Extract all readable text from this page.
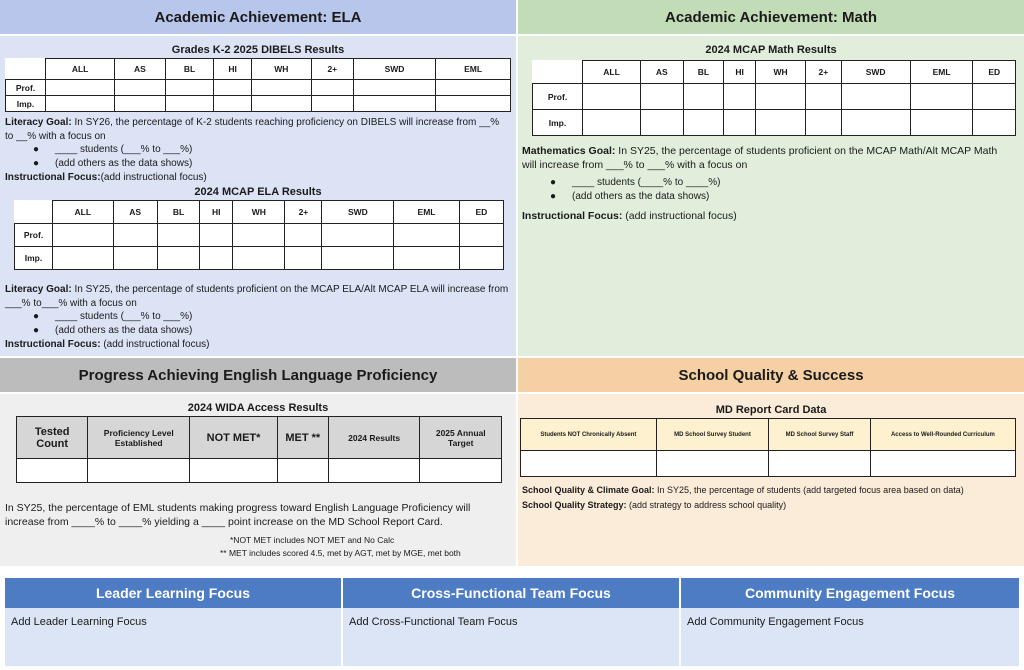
Academic Achievement: ELA
Grades K-2 2025 DIBELS Results
	ALL	AS	BL	HI	WH	2+	SWD	EML
Prof.								
Imp.								
Literacy Goal: In SY26, the percentage of K-2 students reaching proficiency on DIBELS will increase from __% to __% with a focus on
●	____ students (___% to ___%)
●	(add others as the data shows)
Instructional Focus:(add instructional focus)
2024 MCAP ELA Results
	ALL	AS	BL	HI	WH	2+	SWD	EML	ED
Prof.									
Imp.									
Literacy Goal: In SY25, the percentage of students proficient on the MCAP ELA/Alt MCAP ELA will increase from ___% to___% with a focus on
●	____ students (___% to ___%)
●	(add others as the data shows)
Instructional Focus: (add instructional focus)
Academic Achievement: Math
2024 MCAP Math Results
	ALL	AS	BL	HI	WH	2+	SWD	EML	ED
Prof.									
Imp.									
Mathematics Goal: In SY25, the percentage of students proficient on the MCAP Math/Alt MCAP Math will increase from ___% to ___% with a focus on
●	____ students (____% to ____%)
●	(add others as the data shows)
Instructional Focus: (add instructional focus)
Progress Achieving English Language Proficiency
2024 WIDA Access Results
Tested Count	Proficiency Level Established	NOT MET*	MET **	2024 Results	2025 Annual Target

In SY25, the percentage of EML students making progress toward English Language Proficiency will increase from ____% to ____% yielding a ____ point increase on the MD School Report Card.
*NOT MET includes NOT MET and No Calc
** MET includes scored 4.5, met by AGT, met by MGE, met both
School Quality & Success
MD Report Card Data
Students NOT Chronically Absent	MD School Survey Student	MD School Survey Staff	Access to Well-Rounded Curriculum

School Quality & Climate Goal: In SY25, the percentage of students (add targeted focus area based on data)
School Quality Strategy: (add strategy to address school quality)
Leader Learning Focus
Add Leader Learning Focus
Cross-Functional Team Focus
Add Cross-Functional Team Focus
Community Engagement Focus
Add Community Engagement Focus
